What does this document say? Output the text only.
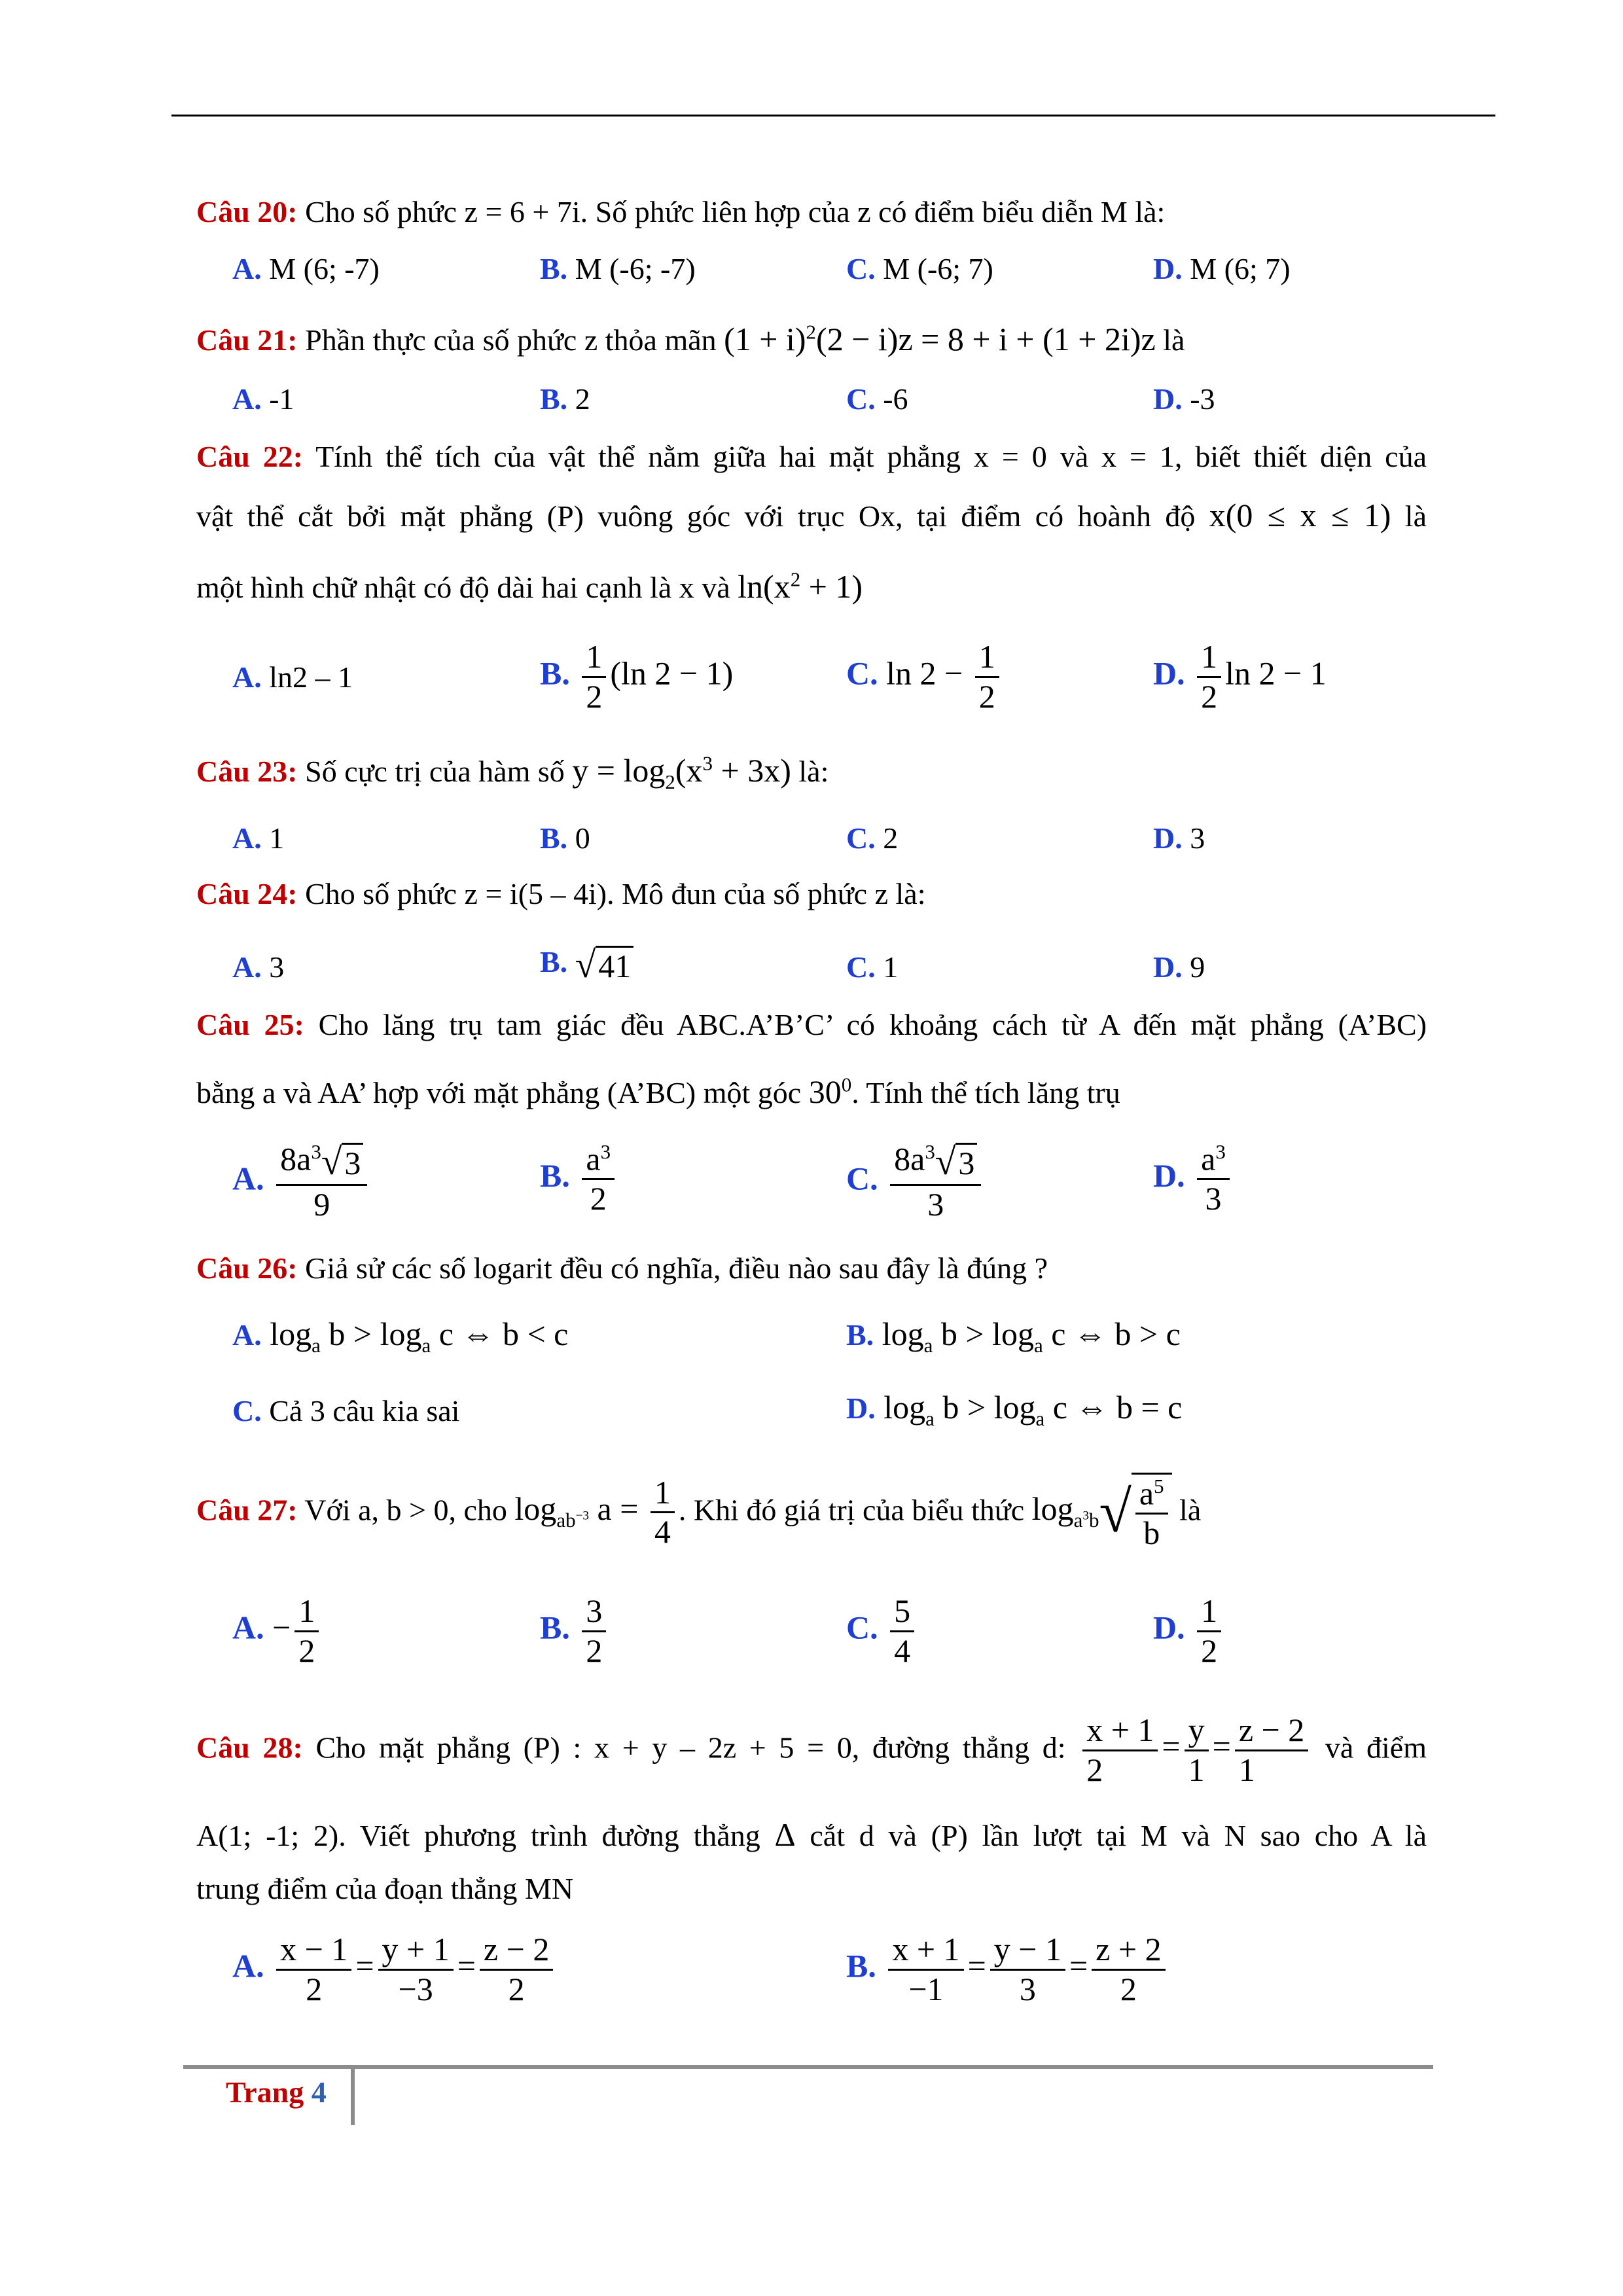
Câu 20: Cho số phức z = 6 + 7i. Số phức liên hợp của z có điểm biểu diễn M là:
A. M (6; -7)	B. M (-6; -7)	C. M (-6; 7)	D. M (6; 7)
Câu 21: Phần thực của số phức z thỏa mãn $(1 + i)^2(2 - i)z = 8 + i + (1 + 2i)z$ là
A. -1	B. 2	C. -6	D. -3
Câu 22: Tính thể tích của vật thể nằm giữa hai mặt phẳng x = 0 và x = 1, biết thiết diện của
vật thể cắt bởi mặt phẳng (P) vuông góc với trục Ox, tại điểm có hoành độ x(0 ≤ x ≤ 1) là
một hình chữ nhật có độ dài hai cạnh là x và $\ln(x^2 + 1)$
A. ln2 – 1	B. $\frac{1}{2} (\ln$ 2 − 1)	C. $\ln 2 - \frac{1}{2}$	D. $\frac{1}{2}$ ln 2 − 1
Câu 23: Số cực trị của hàm số $y = \log_2(x^3 + 3x)$ là:
A. 1	B. 0	C. 2	D. 3
Câu 24: Cho số phức z = i(5 – 4i). Mô đun của số phức z là:
A. 3	B. √41	C. 1	D. 9
Câu 25: Cho lăng trụ tam giác đều ABC.A’B’C’ có khoảng cách từ A đến mặt phẳng (A’BC)
bằng a và AA’ hợp với mặt phẳng (A’BC) một góc $30^0$. Tính thể tích lăng trụ
A. $\frac{8a^3√3}{9}$	B. $\frac{a^3}{2}$	C. $\frac{8a^3√3}{3}$	D. $\frac{a^3}{3}$
Câu 26: Giả sử các số logarit đều có nghĩa, điều nào sau đây là đúng ?
A. $\log_a b > \log_a c$ ⇔ b < c	B. $\log_a b > \log_a c$ ⇔ b > c
C. Cả 3 câu kia sai	D. $\log_a b > \log_a c$ ⇔ b = c
Câu 27: Với a, b > 0, cho $\log_{ab^{-3}} a = \frac{1}{4}$ . Khi đó giá trị của biểu thức $\log_{a^3b}√ \frac{a^5}{b}$ là
A. − $\frac{1}{2}$	B. $\frac{3}{2}$	C. $\frac{5}{4}$	D. $\frac{1}{2}$
Câu 28: Cho mặt phẳng (P) : x + y – 2z + 5 = 0, đường thẳng d: $\frac{x + 1}{2} = \frac{y}{1} = \frac{z - 2}{1}$ và điểm
A(1; -1; 2). Viết phương trình đường thẳng Δ cắt d và (P) lần lượt tại M và N sao cho A là
trung điểm của đoạn thẳng MN
A. $\frac{x - 1}{2} = \frac{y + 1}{-3} = \frac{z - 2}{2}$	B. $\frac{x + 1}{-1} = \frac{y - 1}{3} = \frac{z + 2}{2}$
Trang 4
